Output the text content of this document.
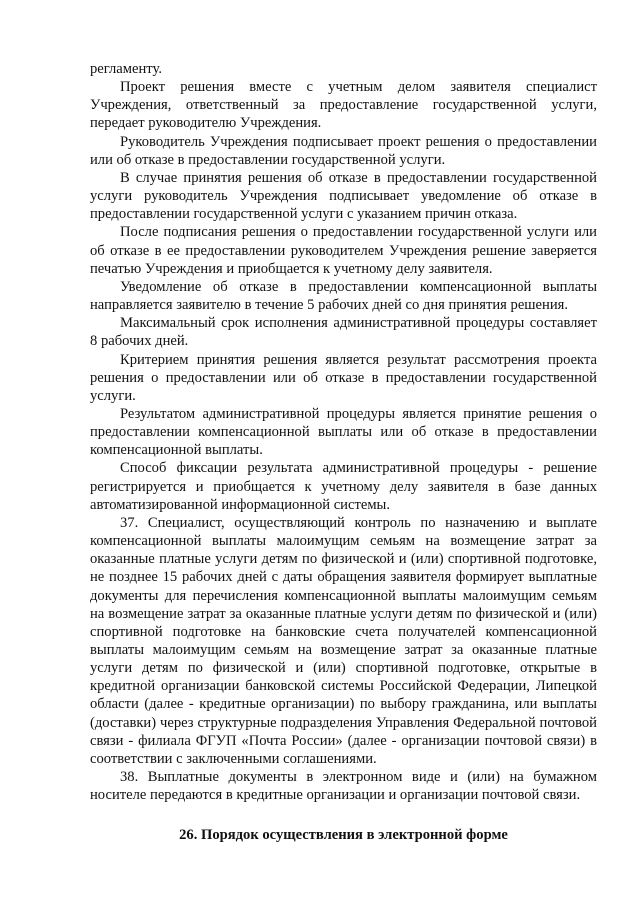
регламенту.

Проект решения вместе с учетным делом заявителя специалист Учреждения, ответственный за предоставление государственной услуги, передает руководителю Учреждения.

Руководитель Учреждения подписывает проект решения о предоставлении или об отказе в предоставлении государственной услуги.

В случае принятия решения об отказе в предоставлении государственной услуги руководитель Учреждения подписывает уведомление об отказе в предоставлении государственной услуги с указанием причин отказа.

После подписания решения о предоставлении государственной услуги или об отказе в ее предоставлении руководителем Учреждения решение заверяется печатью Учреждения и приобщается к учетному делу заявителя.

Уведомление об отказе в предоставлении компенсационной выплаты направляется заявителю в течение 5 рабочих дней со дня принятия решения.

Максимальный срок исполнения административной процедуры составляет 8 рабочих дней.

Критерием принятия решения является результат рассмотрения проекта решения о предоставлении или об отказе в предоставлении государственной услуги.

Результатом административной процедуры является принятие решения о предоставлении компенсационной выплаты или об отказе в предоставлении компенсационной выплаты.

Способ фиксации результата административной процедуры - решение регистрируется и приобщается к учетному делу заявителя в базе данных автоматизированной информационной системы.

37. Специалист, осуществляющий контроль по назначению и выплате компенсационной выплаты малоимущим семьям на возмещение затрат за оказанные платные услуги детям по физической и (или) спортивной подготовке, не позднее 15 рабочих дней с даты обращения заявителя формирует выплатные документы для перечисления компенсационной выплаты малоимущим семьям на возмещение затрат за оказанные платные услуги детям по физической и (или) спортивной подготовке на банковские счета получателей компенсационной выплаты малоимущим семьям на возмещение затрат за оказанные платные услуги детям по физической и (или) спортивной подготовке, открытые в кредитной организации банковской системы Российской Федерации, Липецкой области (далее - кредитные организации) по выбору гражданина, или выплаты (доставки) через структурные подразделения Управления Федеральной почтовой связи - филиала ФГУП «Почта России» (далее - организации почтовой связи) в соответствии с заключенными соглашениями.

38. Выплатные документы в электронном виде и (или) на бумажном носителе передаются в кредитные организации и организации почтовой связи.

26. Порядок осуществления в электронной форме
